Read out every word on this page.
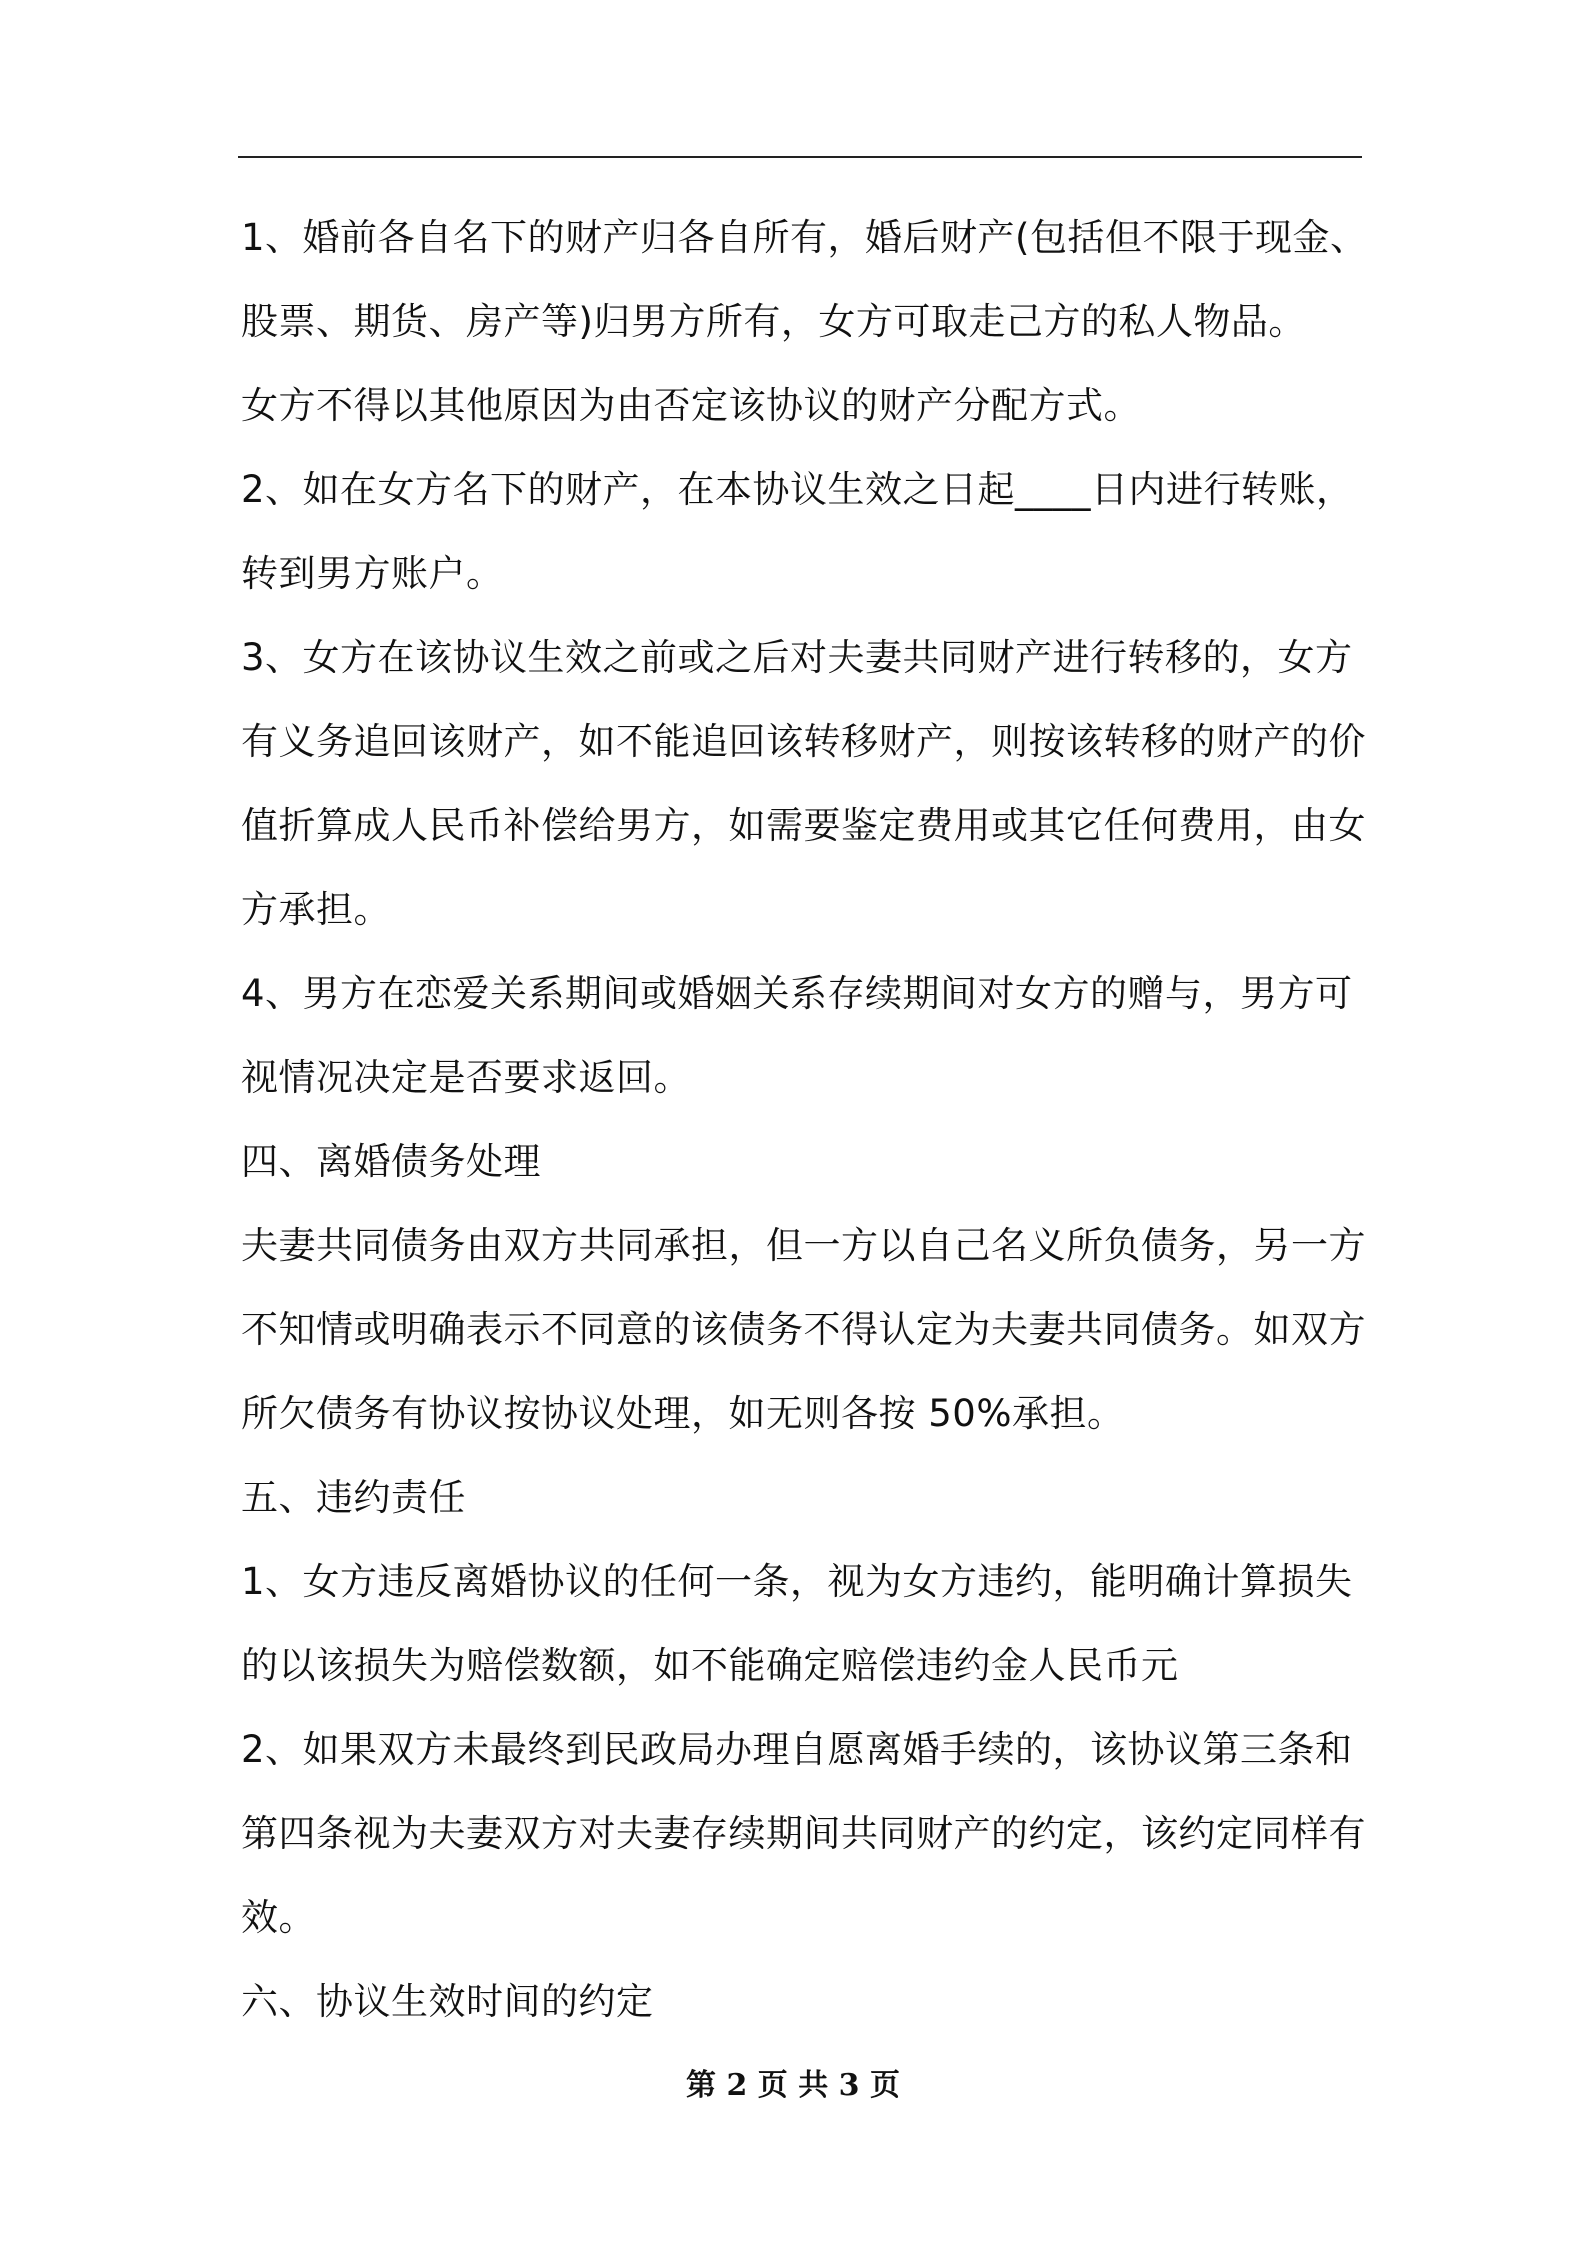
1、婚前各自名下的财产归各自所有，婚后财产(包括但不限于现金、
股票、期货、房产等)归男方所有，女方可取走己方的私人物品。
女方不得以其他原因为由否定该协议的财产分配方式。
2、如在女方名下的财产，在本协议生效之日起____日内进行转账，
转到男方账户。
3、女方在该协议生效之前或之后对夫妻共同财产进行转移的，女方
有义务追回该财产，如不能追回该转移财产，则按该转移的财产的价
值折算成人民币补偿给男方，如需要鉴定费用或其它任何费用，由女
方承担。
4、男方在恋爱关系期间或婚姻关系存续期间对女方的赠与，男方可
视情况决定是否要求返回。
四、离婚债务处理
夫妻共同债务由双方共同承担，但一方以自己名义所负债务，另一方
不知情或明确表示不同意的该债务不得认定为夫妻共同债务。如双方
所欠债务有协议按协议处理，如无则各按 50%承担。
五、违约责任
1、女方违反离婚协议的任何一条，视为女方违约，能明确计算损失
的以该损失为赔偿数额，如不能确定赔偿违约金人民币元
2、如果双方未最终到民政局办理自愿离婚手续的，该协议第三条和
第四条视为夫妻双方对夫妻存续期间共同财产的约定，该约定同样有
效。
六、协议生效时间的约定
第 2 页 共 3 页
